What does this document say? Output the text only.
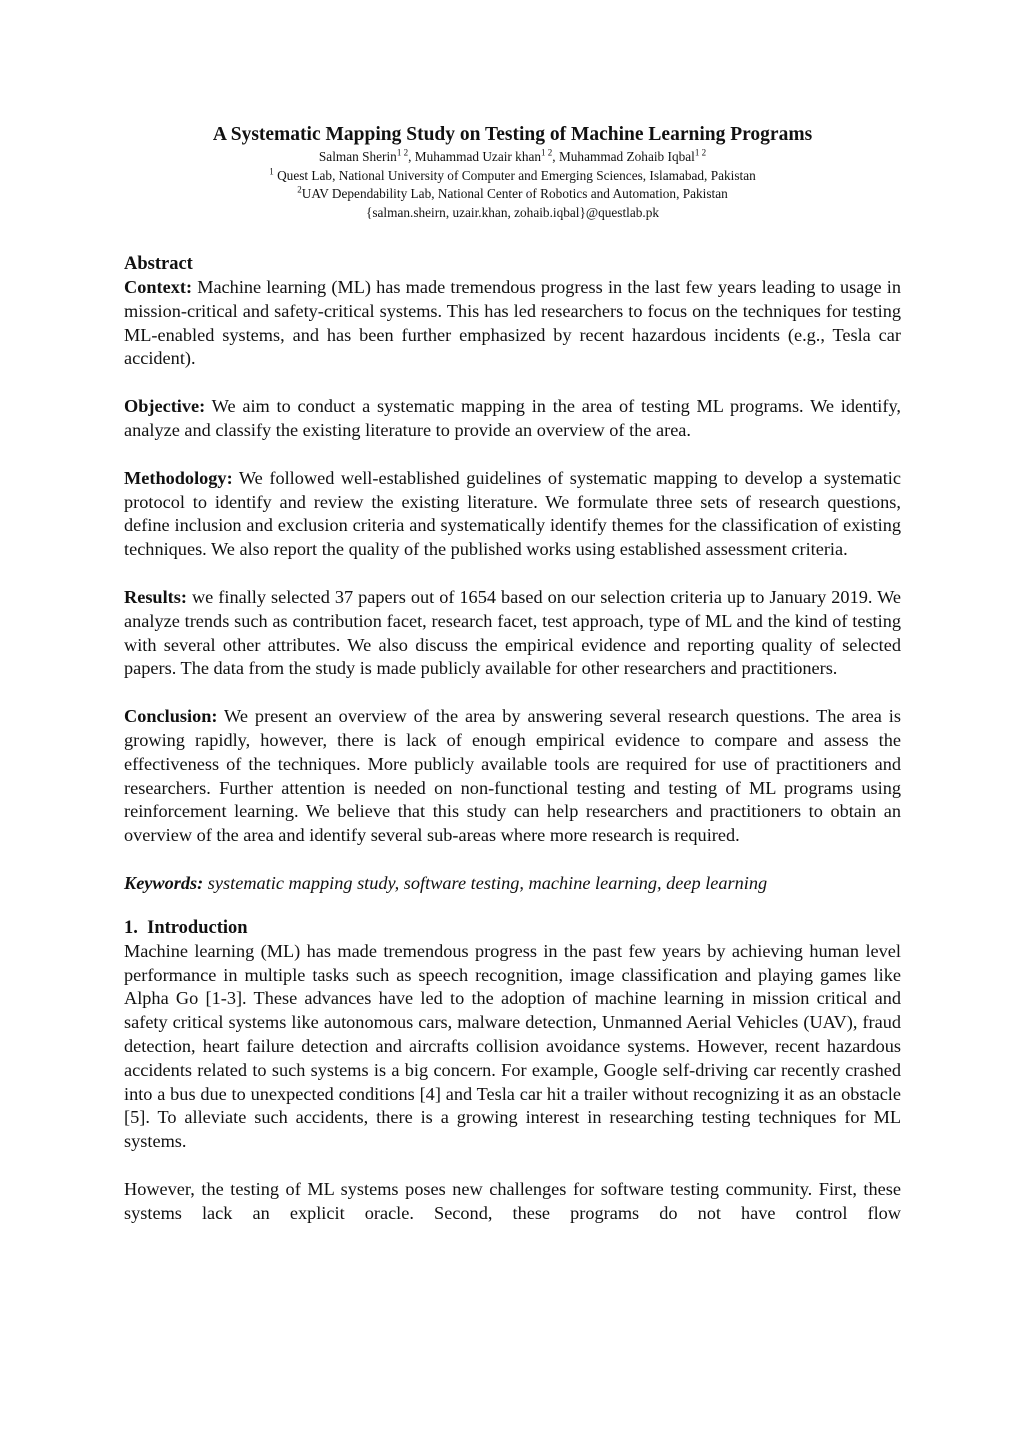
A Systematic Mapping Study on Testing of Machine Learning Programs

Salman Sherin$^{1 2}$, Muhammad Uzair khan$^{1 2}$, Muhammad Zohaib Iqbal$^{1 2}$

$^1$ Quest Lab, National University of Computer and Emerging Sciences, Islamabad, Pakistan

$^2$UAV Dependability Lab, National Center of Robotics and Automation, Pakistan

{salman.sheirn, uzair.khan, zohaib.iqbal}@questlab.pk

Abstract

Context: Machine learning (ML) has made tremendous progress in the last few years leading to usage in mission-critical and safety-critical systems. This has led researchers to focus on the techniques for testing ML-enabled systems, and has been further emphasized by recent hazardous incidents (e.g., Tesla car accident).

Objective: We aim to conduct a systematic mapping in the area of testing ML programs. We identify, analyze and classify the existing literature to provide an overview of the area.

Methodology: We followed well-established guidelines of systematic mapping to develop a systematic protocol to identify and review the existing literature. We formulate three sets of research questions, define inclusion and exclusion criteria and systematically identify themes for the classification of existing techniques. We also report the quality of the published works using established assessment criteria.

Results: we finally selected 37 papers out of 1654 based on our selection criteria up to January 2019. We analyze trends such as contribution facet, research facet, test approach, type of ML and the kind of testing with several other attributes. We also discuss the empirical evidence and reporting quality of selected papers. The data from the study is made publicly available for other researchers and practitioners.

Conclusion: We present an overview of the area by answering several research questions. The area is growing rapidly, however, there is lack of enough empirical evidence to compare and assess the effectiveness of the techniques. More publicly available tools are required for use of practitioners and researchers. Further attention is needed on non-functional testing and testing of ML programs using reinforcement learning. We believe that this study can help researchers and practitioners to obtain an overview of the area and identify several sub-areas where more research is required.

Keywords: systematic mapping study, software testing, machine learning, deep learning

1.  Introduction

Machine learning (ML) has made tremendous progress in the past few years by achieving human level performance in multiple tasks such as speech recognition, image classification and playing games like Alpha Go [1-3]. These advances have led to the adoption of machine learning in mission critical and safety critical systems like autonomous cars, malware detection, Unmanned Aerial Vehicles (UAV), fraud detection, heart failure detection and aircrafts collision avoidance systems. However, recent hazardous accidents related to such systems is a big concern. For example, Google self-driving car recently crashed into a bus due to unexpected conditions [4] and Tesla car hit a trailer without recognizing it as an obstacle [5]. To alleviate such accidents, there is a growing interest in researching testing techniques for ML systems.

However, the testing of ML systems poses new challenges for software testing community. First, these systems lack an explicit oracle. Second, these programs do not have control flow
